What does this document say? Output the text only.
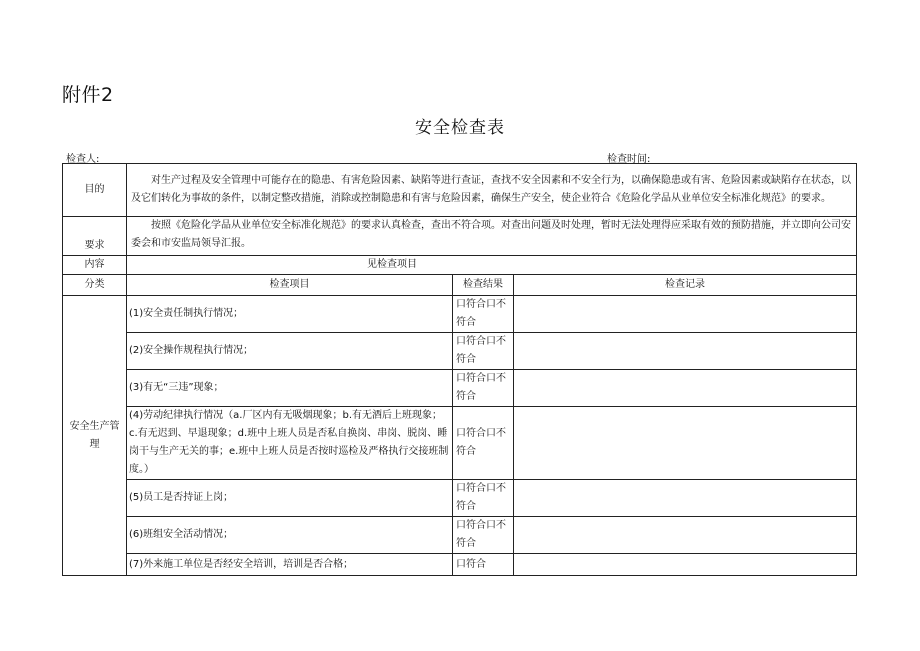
附件2
安全检查表
检查人:	检查时间:
目的	对生产过程及安全管理中可能存在的隐患、有害危险因素、缺陷等进行查证，查找不安全因素和不安全行为，以确保隐患或有害、危险因素或缺陷存在状态，以及它们转化为事故的条件，以制定整改措施，消除或控制隐患和有害与危险因素，确保生产安全，使企业符合《危险化学品从业单位安全标准化规范》的要求。		
要求	按照《危险化学品从业单位安全标准化规范》的要求认真检查，查出不符合项。对查出问题及时处理，暂时无法处理得应采取有效的预防措施，并立即向公司安委会和市安监局领导汇报。		
内容	见检查项目		
分类	检查项目	检查结果	检查记录
安全生产管理	(1)安全责任制执行情况；	口符合口不符合	
	(2)安全操作规程执行情况；	口符合口不符合	
	(3)有无“三违”现象；	口符合口不符合	
	(4)劳动纪律执行情况（a.厂区内有无吸烟现象；b.有无酒后上班现象；c.有无迟到、早退现象；d.班中上班人员是否私自换岗、串岗、脱岗、睡岗干与生产无关的事；e.班中上班人员是否按时巡检及严格执行交接班制度。）	口符合口不符合	
	(5)员工是否持证上岗；	口符合口不符合	
	(6)班组安全活动情况；	口符合口不符合	
	(7)外来施工单位是否经安全培训，培训是否合格；	口符合	
